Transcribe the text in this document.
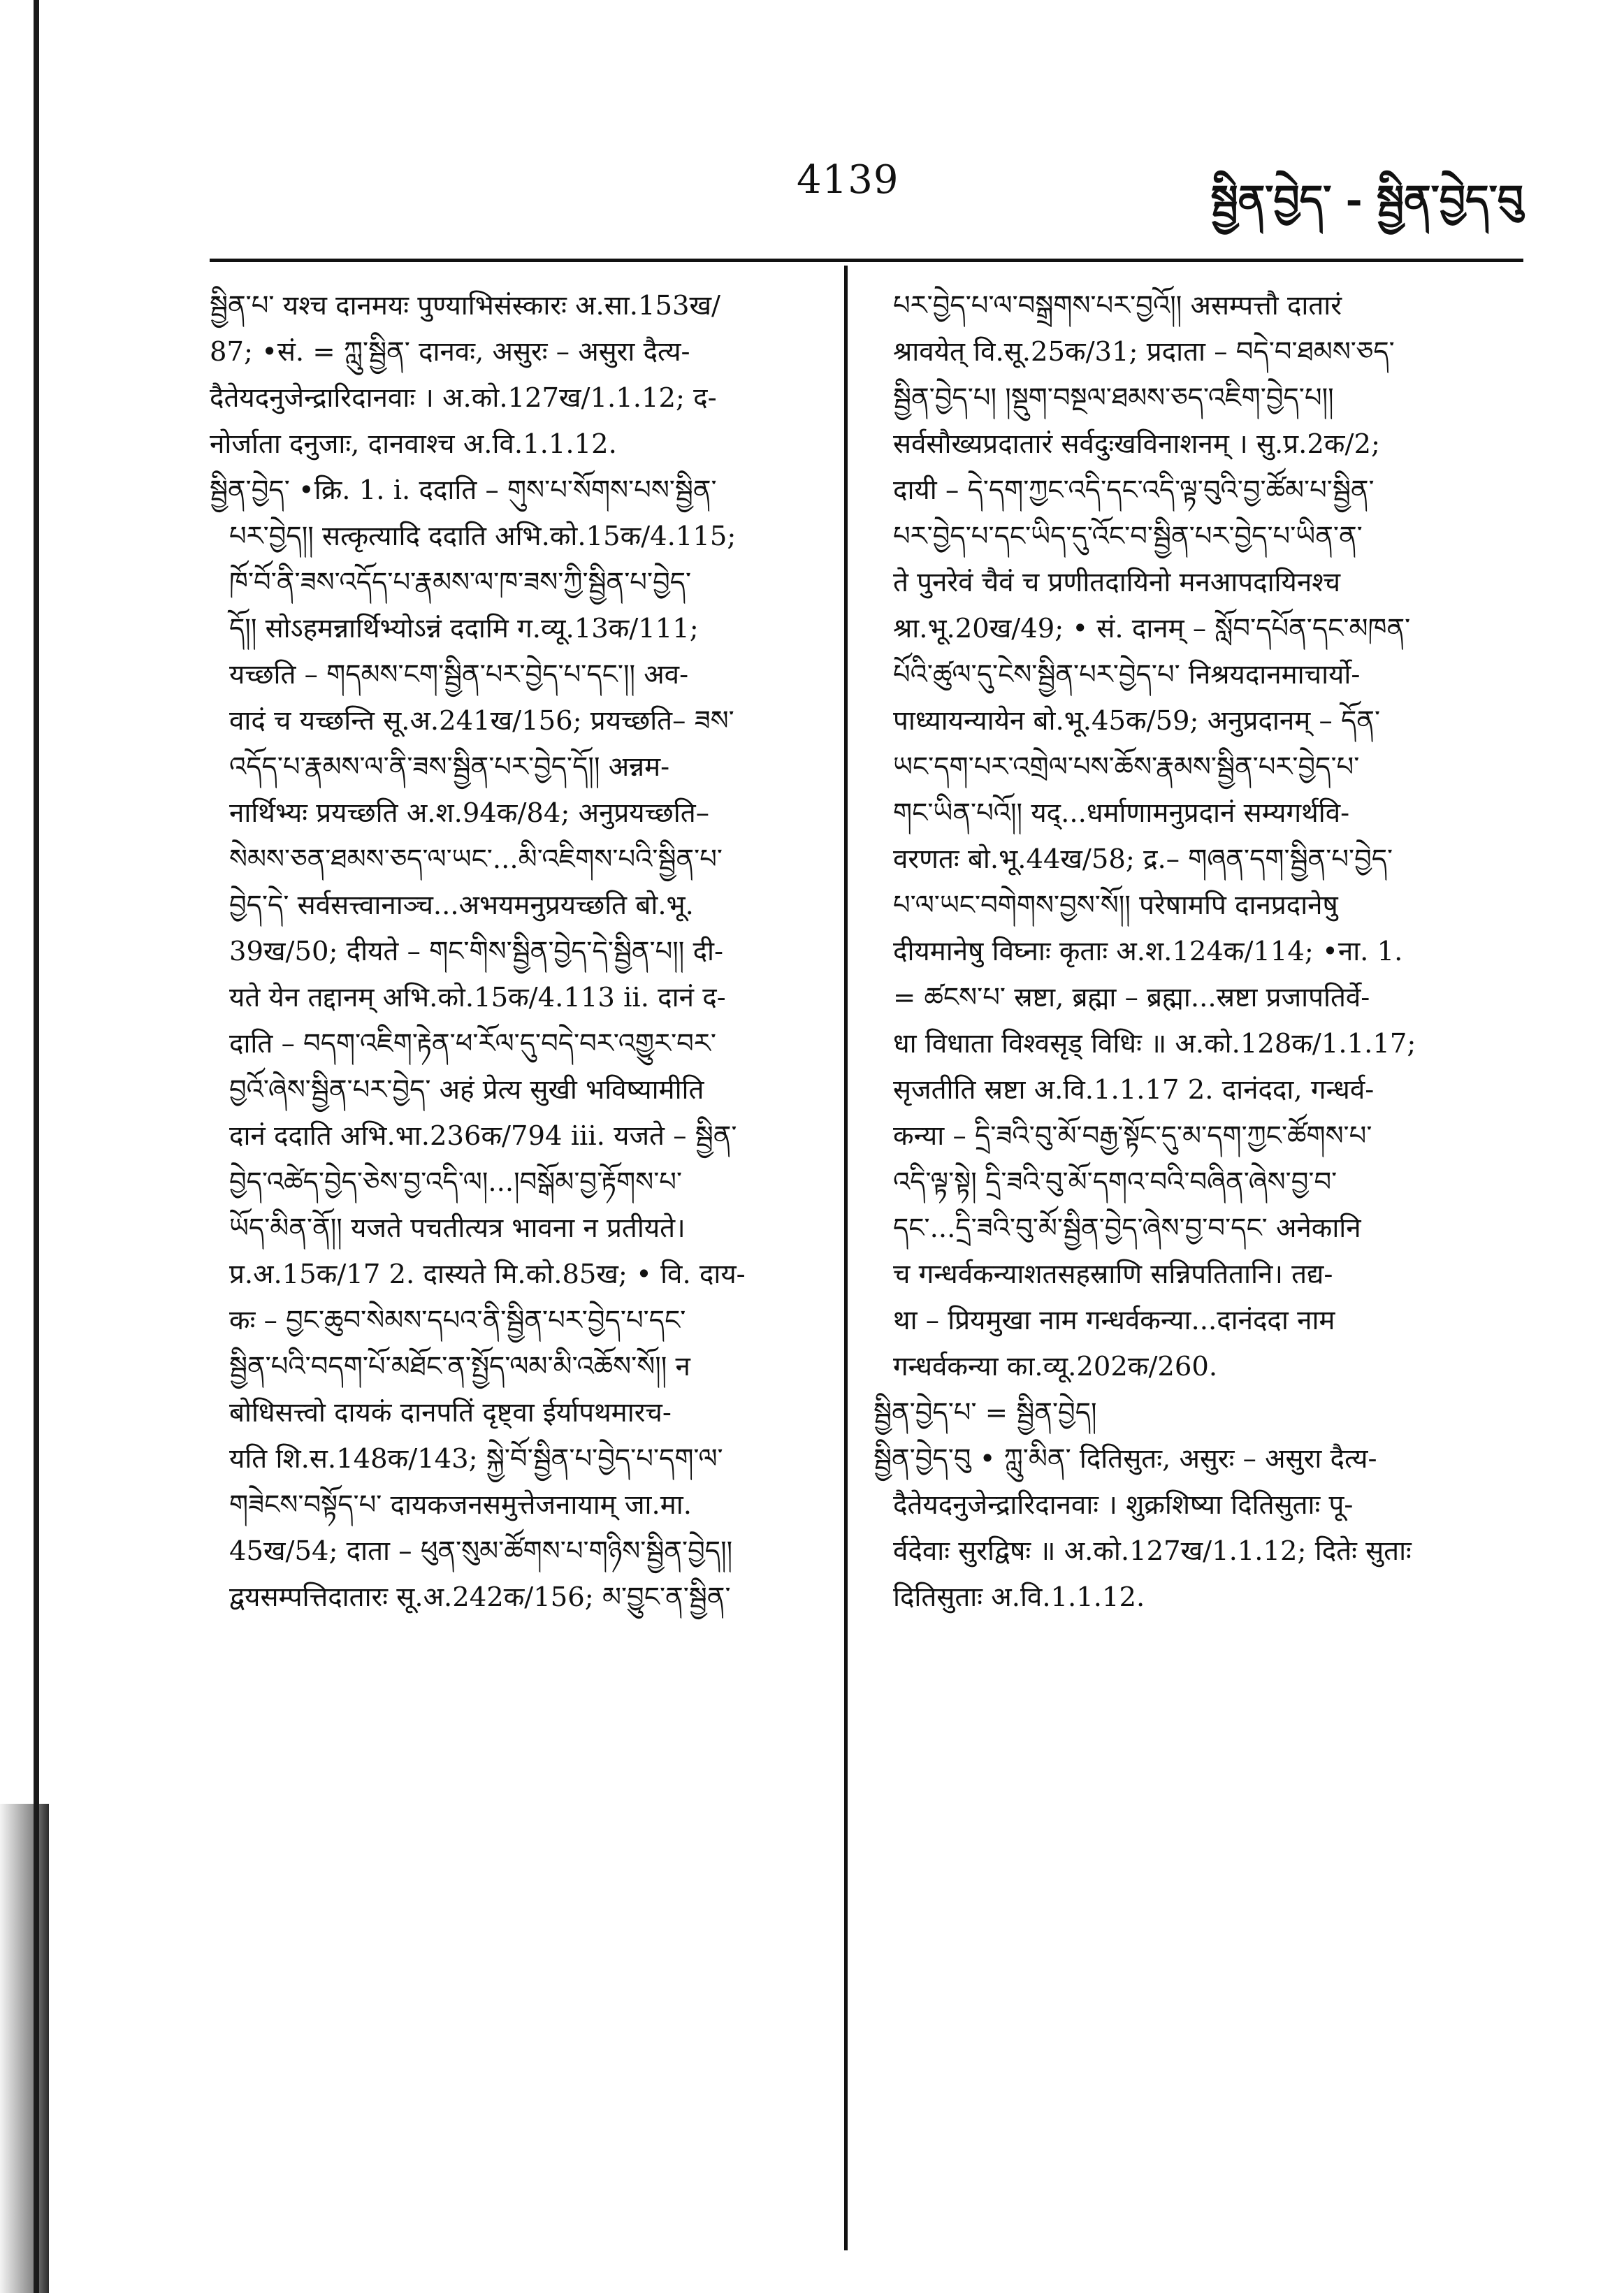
4139	སྦྱིན་བྱེད་ - སྦྱིན་བྱེད་བུ
སྦྱིན་པ་ यश्च दानमयः पुण्याभिसंस्कारः अ.सा.153ख/
87; •सं. = ཀླུ་སྦྱིན་ दानवः, असुरः – असुरा दैत्य-
दैतेयदनुजेन्द्रारिदानवाः । अ.को.127ख/1.1.12; द-
नोर्जाता दनुजाः, दानवाश्च अ.वि.1.1.12.
སྦྱིན་བྱེད་ •क्रि. 1. i. ददाति – གུས་པ་སོགས་པས་སྦྱིན་
པར་བྱེད།། सत्कृत्यादि ददाति अभि.को.15क/4.115;
ཁོ་བོ་ནི་ཟས་འདོད་པ་རྣམས་ལ་ཁ་ཟས་ཀྱི་སྦྱིན་པ་བྱེད་
དོ།། सोऽहमन्नार्थिभ्योऽन्नं ददामि ग.व्यू.13क/111;
यच्छति – གདམས་ངག་སྦྱིན་པར་བྱེད་པ་དང་།། अव-
वादं च यच्छन्ति सू.अ.241ख/156; प्रयच्छति– ཟས་
འདོད་པ་རྣམས་ལ་ནི་ཟས་སྦྱིན་པར་བྱེད་དོ།། अन्नम-
नार्थिभ्यः प्रयच्छति अ.श.94क/84; अनुप्रयच्छति–
སེམས་ཅན་ཐམས་ཅད་ལ་ཡང་...མི་འཇིགས་པའི་སྦྱིན་པ་
བྱེད་དེ་ सर्वसत्त्वानाञ्च...अभयमनुप्रयच्छति बो.भू.
39ख/50; दीयते – གང་གིས་སྦྱིན་བྱེད་དེ་སྦྱིན་པ།། दी-
यते येन तद्दानम् अभि.को.15क/4.113 ii. दानं द-
दाति – བདག་འཇིག་རྟེན་ཕ་རོལ་དུ་བདེ་བར་འགྱུར་བར་
བྱའོ་ཞེས་སྦྱིན་པར་བྱེད་ अहं प्रेत्य सुखी भविष्यामीति
दानं ददाति अभि.भा.236क/794 iii. यजते – སྦྱིན་
བྱེད་འཚེད་བྱེད་ཅེས་བྱ་འདི་ལ།...།བསྒོམ་བྱ་རྟོགས་པ་
ཡོད་མིན་ནོ།། यजते पचतीत्यत्र भावना न प्रतीयते।
प्र.अ.15क/17 2. दास्यते मि.को.85ख; • वि. दाय-
कः – བྱང་ཆུབ་སེམས་དཔའ་ནི་སྦྱིན་པར་བྱེད་པ་དང་
སྦྱིན་པའི་བདག་པོ་མཐོང་ན་སྤྱོད་ལམ་མི་འཆོས་སོ།། न
बोधिसत्त्वो दायकं दानपतिं दृष्ट्वा ईर्यापथमारच-
यति शि.स.148क/143; སྐྱེ་བོ་སྦྱིན་པ་བྱེད་པ་དག་ལ་
གཟེངས་བསྟོད་པ་ दायकजनसमुत्तेजनायाम् जा.मा.
45ख/54; दाता – ཕུན་སུམ་ཚོགས་པ་གཉིས་སྦྱིན་བྱེད།།
द्वयसम्पत्तिदातारः सू.अ.242क/156; མ་བྱུང་ན་སྦྱིན་
པར་བྱེད་པ་ལ་བསྒྲགས་པར་བྱའོ།། असम्पत्तौ दातारं
श्रावयेत् वि.सू.25क/31; प्रदाता – བདེ་བ་ཐམས་ཅད་
སྦྱིན་བྱེད་པ། །སྡུག་བསྔལ་ཐམས་ཅད་འཇིག་བྱེད་པ།།
सर्वसौख्यप्रदातारं सर्वदुःखविनाशनम् । सु.प्र.2क/2;
दायी – དེ་དག་ཀྱང་འདི་དང་འདི་ལྟ་བུའི་བྱ་ཚོམ་པ་སྦྱིན་
པར་བྱེད་པ་དང་ཡིད་དུ་འོང་བ་སྦྱིན་པར་བྱེད་པ་ཡིན་ན་
ते पुनरेवं चैवं च प्रणीतदायिनो मनआपदायिनश्च
श्रा.भू.20ख/49; • सं. दानम् – སློབ་དཔོན་དང་མཁན་
པོའི་ཚུལ་དུ་ངེས་སྦྱིན་པར་བྱེད་པ་ निश्रयदानमाचार्यो-
पाध्यायन्यायेन बो.भू.45क/59; अनुप्रदानम् – དོན་
ཡང་དག་པར་འགྲེལ་པས་ཆོས་རྣམས་སྦྱིན་པར་བྱེད་པ་
གང་ཡིན་པའོ།། यद्...धर्माणामनुप्रदानं सम्यगर्थवि-
वरणतः बो.भू.44ख/58; द्र.– གཞན་དག་སྦྱིན་པ་བྱེད་
པ་ལ་ཡང་བགེགས་བྱས་སོ།། परेषामपि दानप्रदानेषु
दीयमानेषु विघ्नाः कृताः अ.श.124क/114; •ना. 1.
= ཚངས་པ་ स्रष्टा, ब्रह्मा – ब्रह्मा...स्रष्टा प्रजापतिर्वे-
धा विधाता विश्वसृड् विधिः ॥ अ.को.128क/1.1.17;
सृजतीति स्रष्टा अ.वि.1.1.17 2. दानंददा, गन्धर्व-
कन्या – དྲི་ཟའི་བུ་མོ་བརྒྱ་སྟོང་དུ་མ་དག་ཀྱང་ཚོགས་པ་
འདི་ལྟ་སྟེ། དྲི་ཟའི་བུ་མོ་དགའ་བའི་བཞིན་ཞེས་བྱ་བ་
དང་...དྲི་ཟའི་བུ་མོ་སྦྱིན་བྱེད་ཞེས་བྱ་བ་དང་ अनेकानि
च गन्धर्वकन्याशतसहस्राणि सन्निपतितानि। तद्य-
था – प्रियमुखा नाम गन्धर्वकन्या...दानंददा नाम
गन्धर्वकन्या का.व्यू.202क/260.
སྦྱིན་བྱེད་པ་ = སྦྱིན་བྱེད།
སྦྱིན་བྱེད་བུ • ཀླུ་མིན་ दितिसुतः, असुरः – असुरा दैत्य-
दैतेयदनुजेन्द्रारिदानवाः । शुक्रशिष्या दितिसुताः पू-
र्वदेवाः सुरद्विषः ॥ अ.को.127ख/1.1.12; दितेः सुताः
दितिसुताः अ.वि.1.1.12.
